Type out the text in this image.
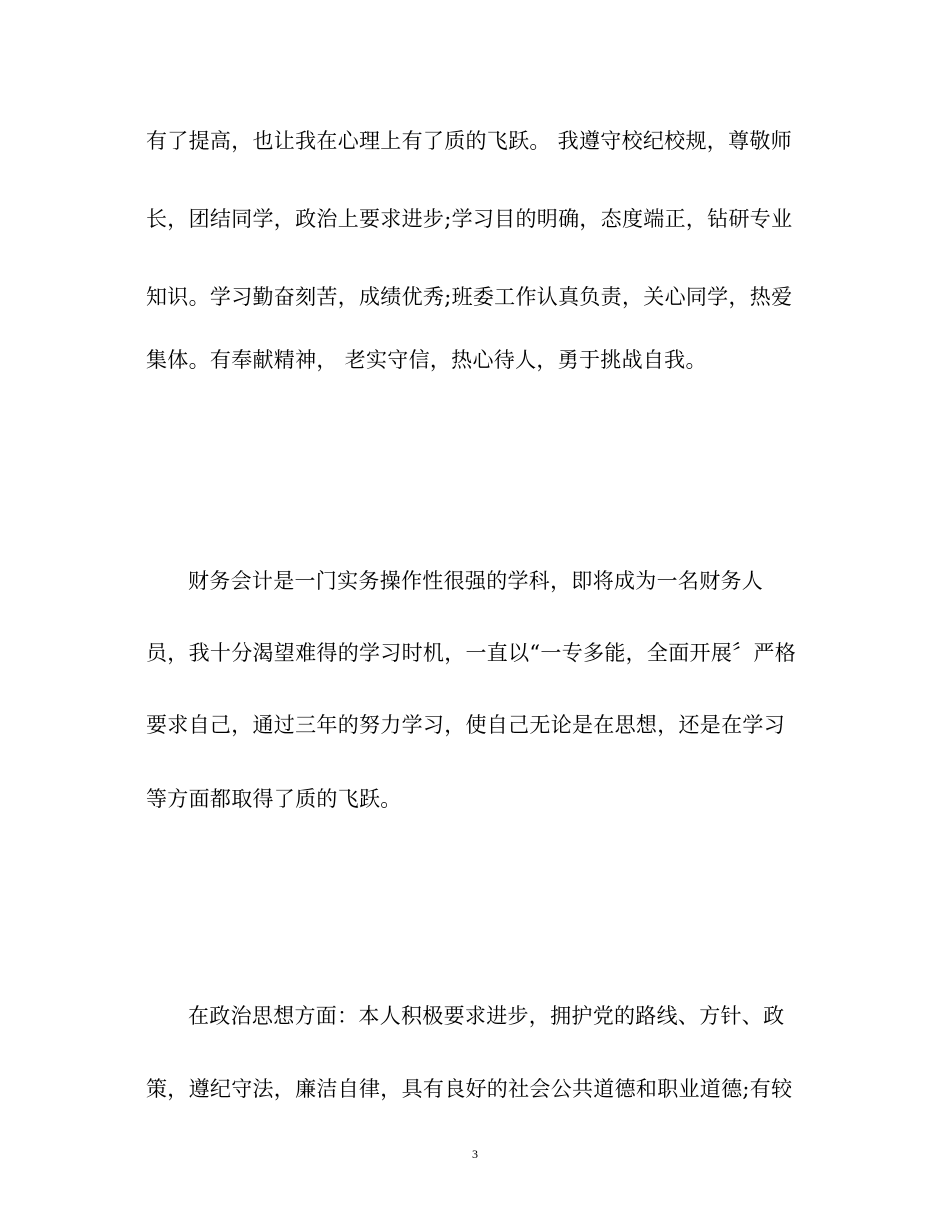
有了提高，也让我在心理上有了质的飞跃。 我遵守校纪校规，尊敬师
长，团结同学，政治上要求进步;学习目的明确，态度端正，钻研专业
知识。学习勤奋刻苦，成绩优秀;班委工作认真负责，关心同学，热爱
集体。有奉献精神， 老实守信，热心待人，勇于挑战自我。
财务会计是一门实务操作性很强的学科，即将成为一名财务人
员，我十分渴望难得的学习时机，一直以“一专多能，全面开展〞严格
要求自己，通过三年的努力学习，使自己无论是在思想，还是在学习
等方面都取得了质的飞跃。
在政治思想方面：本人积极要求进步，拥护党的路线、方针、政
策，遵纪守法，廉洁自律，具有良好的社会公共道德和职业道德;有较
3
